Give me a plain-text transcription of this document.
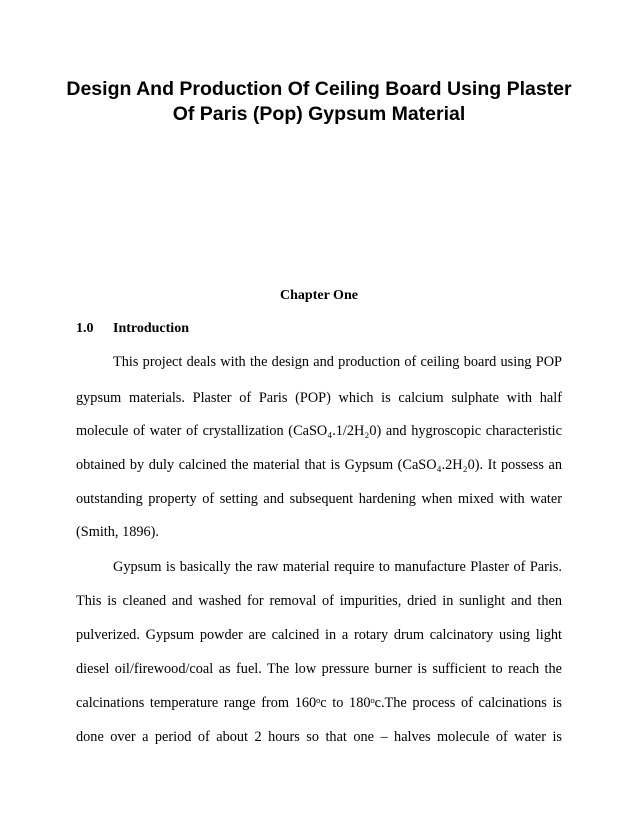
Design And Production Of Ceiling Board Using Plaster Of Paris (Pop) Gypsum Material
Chapter One
1.0 Introduction
This project deals with the design and production of ceiling board using POP
gypsum materials. Plaster of Paris (POP) which is calcium sulphate with half
molecule of water of crystallization (CaSO₄.1/2H₂0) and hygroscopic characteristic
obtained by duly calcined the material that is Gypsum (CaSO₄.2H₂0). It possess an
outstanding property of setting and subsequent hardening when mixed with water
(Smith, 1896).
Gypsum is basically the raw material require to manufacture Plaster of Paris.
This is cleaned and washed for removal of impurities, dried in sunlight and then
pulverized. Gypsum powder are calcined in a rotary drum calcinatory using light
diesel oil/firewood/coal as fuel. The low pressure burner is sufficient to reach the
calcinations temperature range from 160ᵒc to 180ᵒc.The process of calcinations is
done over a period of about 2 hours so that one – halves molecule of water is
